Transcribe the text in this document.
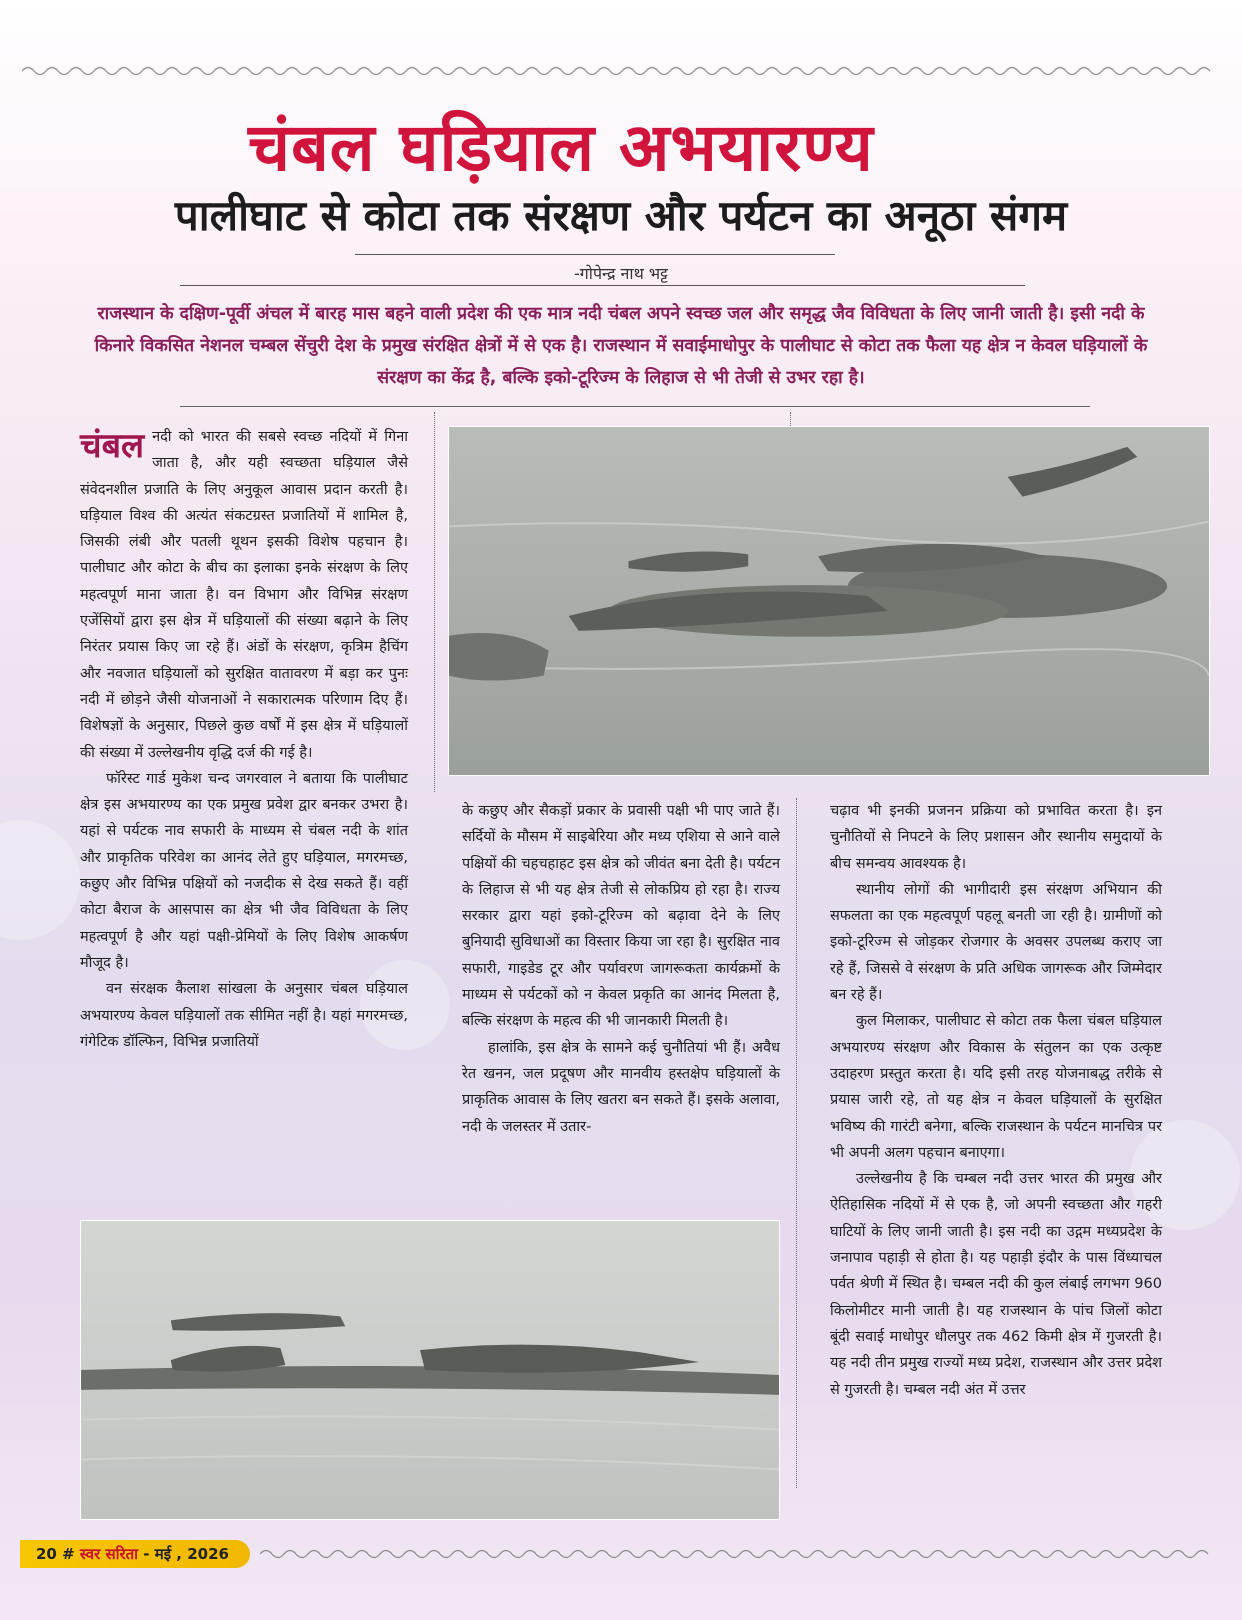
चंबल घड़ियाल अभयारण्य
पालीघाट से कोटा तक संरक्षण और पर्यटन का अनूठा संगम
-गोपेन्द्र नाथ भट्ट
राजस्थान के दक्षिण-पूर्वी अंचल में बारह मास बहने वाली प्रदेश की एक मात्र नदी चंबल अपने स्वच्छ जल और समृद्ध जैव विविधता के लिए जानी जाती है। इसी नदी के किनारे विकसित नेशनल चम्बल सेंचुरी देश के प्रमुख संरक्षित क्षेत्रों में से एक है। राजस्थान में सवाईमाधोपुर के पालीघाट से कोटा तक फैला यह क्षेत्र न केवल घड़ियालों के संरक्षण का केंद्र है, बल्कि इको-टूरिज्म के लिहाज से भी तेजी से उभर रहा है।

चंबल नदी को भारत की सबसे स्वच्छ नदियों में गिना जाता है, और यही स्वच्छता घड़ियाल जैसे संवेदनशील प्रजाति के लिए अनुकूल आवास प्रदान करती है। घड़ियाल विश्व की अत्यंत संकटग्रस्त प्रजातियों में शामिल है, जिसकी लंबी और पतली थूथन इसकी विशेष पहचान है। पालीघाट और कोटा के बीच का इलाका इनके संरक्षण के लिए महत्वपूर्ण माना जाता है। वन विभाग और विभिन्न संरक्षण एजेंसियों द्वारा इस क्षेत्र में घड़ियालों की संख्या बढ़ाने के लिए निरंतर प्रयास किए जा रहे हैं। अंडों के संरक्षण, कृत्रिम हैचिंग और नवजात घड़ियालों को सुरक्षित वातावरण में बड़ा कर पुनः नदी में छोड़ने जैसी योजनाओं ने सकारात्मक परिणाम दिए हैं। विशेषज्ञों के अनुसार, पिछले कुछ वर्षों में इस क्षेत्र में घड़ियालों की संख्या में उल्लेखनीय वृद्धि दर्ज की गई है।

फॉरेस्ट गार्ड मुकेश चन्द जगरवाल ने बताया कि पालीघाट क्षेत्र इस अभयारण्य का एक प्रमुख प्रवेश द्वार बनकर उभरा है। यहां से पर्यटक नाव सफारी के माध्यम से चंबल नदी के शांत और प्राकृतिक परिवेश का आनंद लेते हुए घड़ियाल, मगरमच्छ, कछुए और विभिन्न पक्षियों को नजदीक से देख सकते हैं। वहीं कोटा बैराज के आसपास का क्षेत्र भी जैव विविधता के लिए महत्वपूर्ण है और यहां पक्षी-प्रेमियों के लिए विशेष आकर्षण मौजूद है।

वन संरक्षक कैलाश सांखला के अनुसार चंबल घड़ियाल अभयारण्य केवल घड़ियालों तक सीमित नहीं है। यहां मगरमच्छ, गंगेटिक डॉल्फिन, विभिन्न प्रजातियों

के कछुए और सैकड़ों प्रकार के प्रवासी पक्षी भी पाए जाते हैं। सर्दियों के मौसम में साइबेरिया और मध्य एशिया से आने वाले पक्षियों की चहचहाहट इस क्षेत्र को जीवंत बना देती है। पर्यटन के लिहाज से भी यह क्षेत्र तेजी से लोकप्रिय हो रहा है। राज्य सरकार द्वारा यहां इको-टूरिज्म को बढ़ावा देने के लिए बुनियादी सुविधाओं का विस्तार किया जा रहा है। सुरक्षित नाव सफारी, गाइडेड टूर और पर्यावरण जागरूकता कार्यक्रमों के माध्यम से पर्यटकों को न केवल प्रकृति का आनंद मिलता है, बल्कि संरक्षण के महत्व की भी जानकारी मिलती है।

हालांकि, इस क्षेत्र के सामने कई चुनौतियां भी हैं। अवैध रेत खनन, जल प्रदूषण और मानवीय हस्तक्षेप घड़ियालों के प्राकृतिक आवास के लिए खतरा बन सकते हैं। इसके अलावा, नदी के जलस्तर में उतार-

चढ़ाव भी इनकी प्रजनन प्रक्रिया को प्रभावित करता है। इन चुनौतियों से निपटने के लिए प्रशासन और स्थानीय समुदायों के बीच समन्वय आवश्यक है।

स्थानीय लोगों की भागीदारी इस संरक्षण अभियान की सफलता का एक महत्वपूर्ण पहलू बनती जा रही है। ग्रामीणों को इको-टूरिज्म से जोड़कर रोजगार के अवसर उपलब्ध कराए जा रहे हैं, जिससे वे संरक्षण के प्रति अधिक जागरूक और जिम्मेदार बन रहे हैं।

कुल मिलाकर, पालीघाट से कोटा तक फैला चंबल घड़ियाल अभयारण्य संरक्षण और विकास के संतुलन का एक उत्कृष्ट उदाहरण प्रस्तुत करता है। यदि इसी तरह योजनाबद्ध तरीके से प्रयास जारी रहे, तो यह क्षेत्र न केवल घड़ियालों के सुरक्षित भविष्य की गारंटी बनेगा, बल्कि राजस्थान के पर्यटन मानचित्र पर भी अपनी अलग पहचान बनाएगा।

उल्लेखनीय है कि चम्बल नदी उत्तर भारत की प्रमुख और ऐतिहासिक नदियों में से एक है, जो अपनी स्वच्छता और गहरी घाटियों के लिए जानी जाती है। इस नदी का उद्गम मध्यप्रदेश के जनापाव पहाड़ी से होता है। यह पहाड़ी इंदौर के पास विंध्याचल पर्वत श्रेणी में स्थित है। चम्बल नदी की कुल लंबाई लगभग 960 किलोमीटर मानी जाती है। यह राजस्थान के पांच जिलों कोटा बूंदी सवाई माधोपुर धौलपुर तक 462 किमी क्षेत्र में गुजरती है। यह नदी तीन प्रमुख राज्यों मध्य प्रदेश, राजस्थान और उत्तर प्रदेश से गुजरती है। चम्बल नदी अंत में उत्तर

20 # स्वर सरिता - मई , 2026
